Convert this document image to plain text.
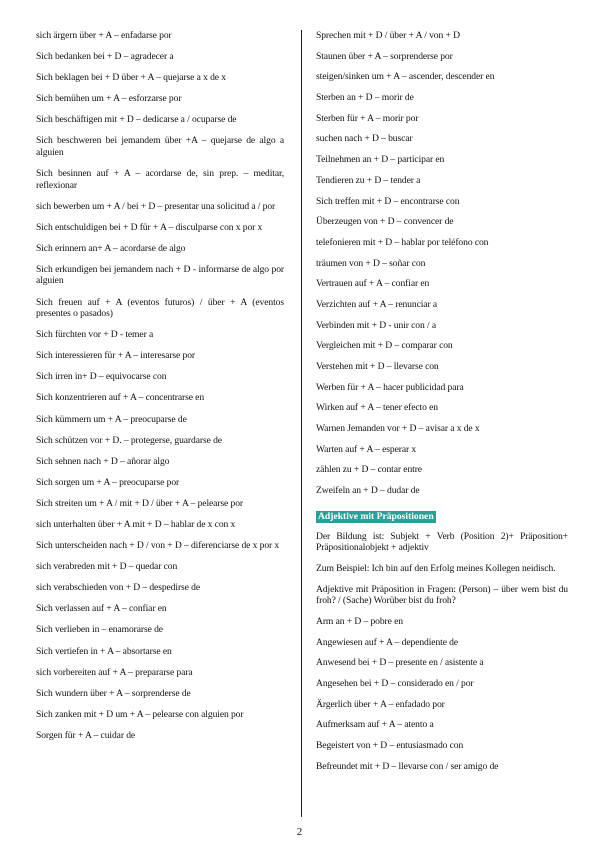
sich ärgern über + A – enfadarse por

Sich bedanken bei + D – agradecer a

Sich beklagen bei + D über + A – quejarse a x de x

Sich bemühen um + A – esforzarse por

Sich beschäftigen mit + D – dedicarse a / ocuparse de

Sich beschweren bei jemandem über +A – quejarse de algo a alguien

Sich besinnen auf + A – acordarse de, sin prep. – meditar, reflexionar

sich bewerben um + A / bei + D – presentar una solicitud a / por

Sich entschuldigen bei + D für + A – disculparse con x por x

Sich erinnern an+ A – acordarse de algo

Sich erkundigen bei jemandem nach + D - informarse de algo por alguien

Sich freuen auf + A (eventos futuros) / über + A (eventos presentes o pasados)

Sich fürchten vor + D - temer a

Sich interessieren für + A – interesarse por

Sich irren in+ D – equivocarse con

Sich konzentrieren auf + A – concentrarse en

Sich kümmern um + A – preocuparse de

Sich schützen vor + D. – protegerse, guardarse de

Sich sehnen nach + D – añorar algo

Sich sorgen um + A – preocuparse por

Sich streiten um + A / mit + D / über + A – pelearse por

sich unterhalten über + A mit + D – hablar de x con x

Sich unterscheiden nach + D / von + D – diferenciarse de x por x

sich verabreden mit + D – quedar con

sich verabschieden von + D – despedirse de

Sich verlassen auf + A – confiar en

Sich verlieben in – enamorarse de

Sich vertiefen in + A – absortarse en

sich vorbereiten auf + A – prepararse para

Sich wundern über + A – sorprenderse de

Sich zanken mit + D um + A – pelearse con alguien por

Sorgen für + A – cuidar de

Sprechen mit + D / über + A / von + D

Staunen über + A – sorprenderse por

steigen/sinken um + A – ascender, descender en

Sterben an + D – morir de

Sterben für + A – morir por

suchen nach + D – buscar

Teilnehmen an + D – participar en

Tendieren zu + D – tender a

Sich treffen mit + D – encontrarse con

Überzeugen von + D – convencer de

telefonieren mit + D – hablar por teléfono con

träumen von + D – soñar con

Vertrauen auf + A – confiar en

Verzichten auf + A – renunciar a

Verbinden mit + D - unir con / a

Vergleichen mit + D – comparar con

Verstehen mit + D – llevarse con

Werben für + A – hacer publicidad para

Wirken auf + A – tener efecto en

Warnen Jemanden vor + D – avisar a x de x

Warten auf + A – esperar x

zählen zu + D – contar entre

Zweifeln an + D – dudar de

Adjektive mit Präpositionen

Der Bildung ist: Subjekt + Verb (Position 2)+ Präposition+ Präpositionalobjekt + adjektiv

Zum Beispiel: Ich bin auf den Erfolg meines Kollegen neidisch.

Adjektive mit Präposition in Fragen: (Person) – über wem bist du froh? / (Sache) Worüber bist du froh?

Arm an + D – pobre en

Angewiesen auf + A – dependiente de

Anwesend bei + D – presente en / asistente a

Angesehen bei + D – considerado en / por

Ärgerlich über + A – enfadado por

Aufmerksam auf + A – atento a

Begeistert von + D – entusiasmado con

Befreundet mit + D – llevarse con / ser amigo de

2
